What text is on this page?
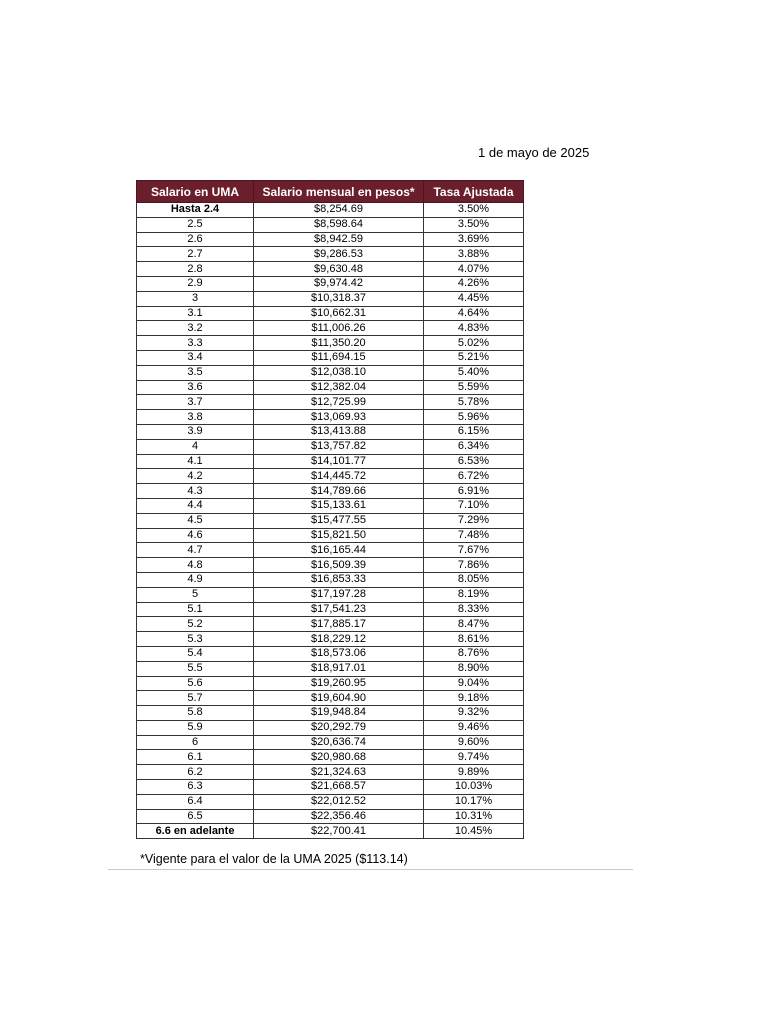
1 de mayo de 2025
Salario en UMA	Salario mensual en pesos*	Tasa Ajustada
Hasta 2.4	$8,254.69	3.50%
2.5	$8,598.64	3.50%
2.6	$8,942.59	3.69%
2.7	$9,286.53	3.88%
2.8	$9,630.48	4.07%
2.9	$9,974.42	4.26%
3	$10,318.37	4.45%
3.1	$10,662.31	4.64%
3.2	$11,006.26	4.83%
3.3	$11,350.20	5.02%
3.4	$11,694.15	5.21%
3.5	$12,038.10	5.40%
3.6	$12,382.04	5.59%
3.7	$12,725.99	5.78%
3.8	$13,069.93	5.96%
3.9	$13,413.88	6.15%
4	$13,757.82	6.34%
4.1	$14,101.77	6.53%
4.2	$14,445.72	6.72%
4.3	$14,789.66	6.91%
4.4	$15,133.61	7.10%
4.5	$15,477.55	7.29%
4.6	$15,821.50	7.48%
4.7	$16,165.44	7.67%
4.8	$16,509.39	7.86%
4.9	$16,853.33	8.05%
5	$17,197.28	8.19%
5.1	$17,541.23	8.33%
5.2	$17,885.17	8.47%
5.3	$18,229.12	8.61%
5.4	$18,573.06	8.76%
5.5	$18,917.01	8.90%
5.6	$19,260.95	9.04%
5.7	$19,604.90	9.18%
5.8	$19,948.84	9.32%
5.9	$20,292.79	9.46%
6	$20,636.74	9.60%
6.1	$20,980.68	9.74%
6.2	$21,324.63	9.89%
6.3	$21,668.57	10.03%
6.4	$22,012.52	10.17%
6.5	$22,356.46	10.31%
6.6 en adelante	$22,700.41	10.45%
*Vigente para el valor de la UMA 2025 ($113.14)
